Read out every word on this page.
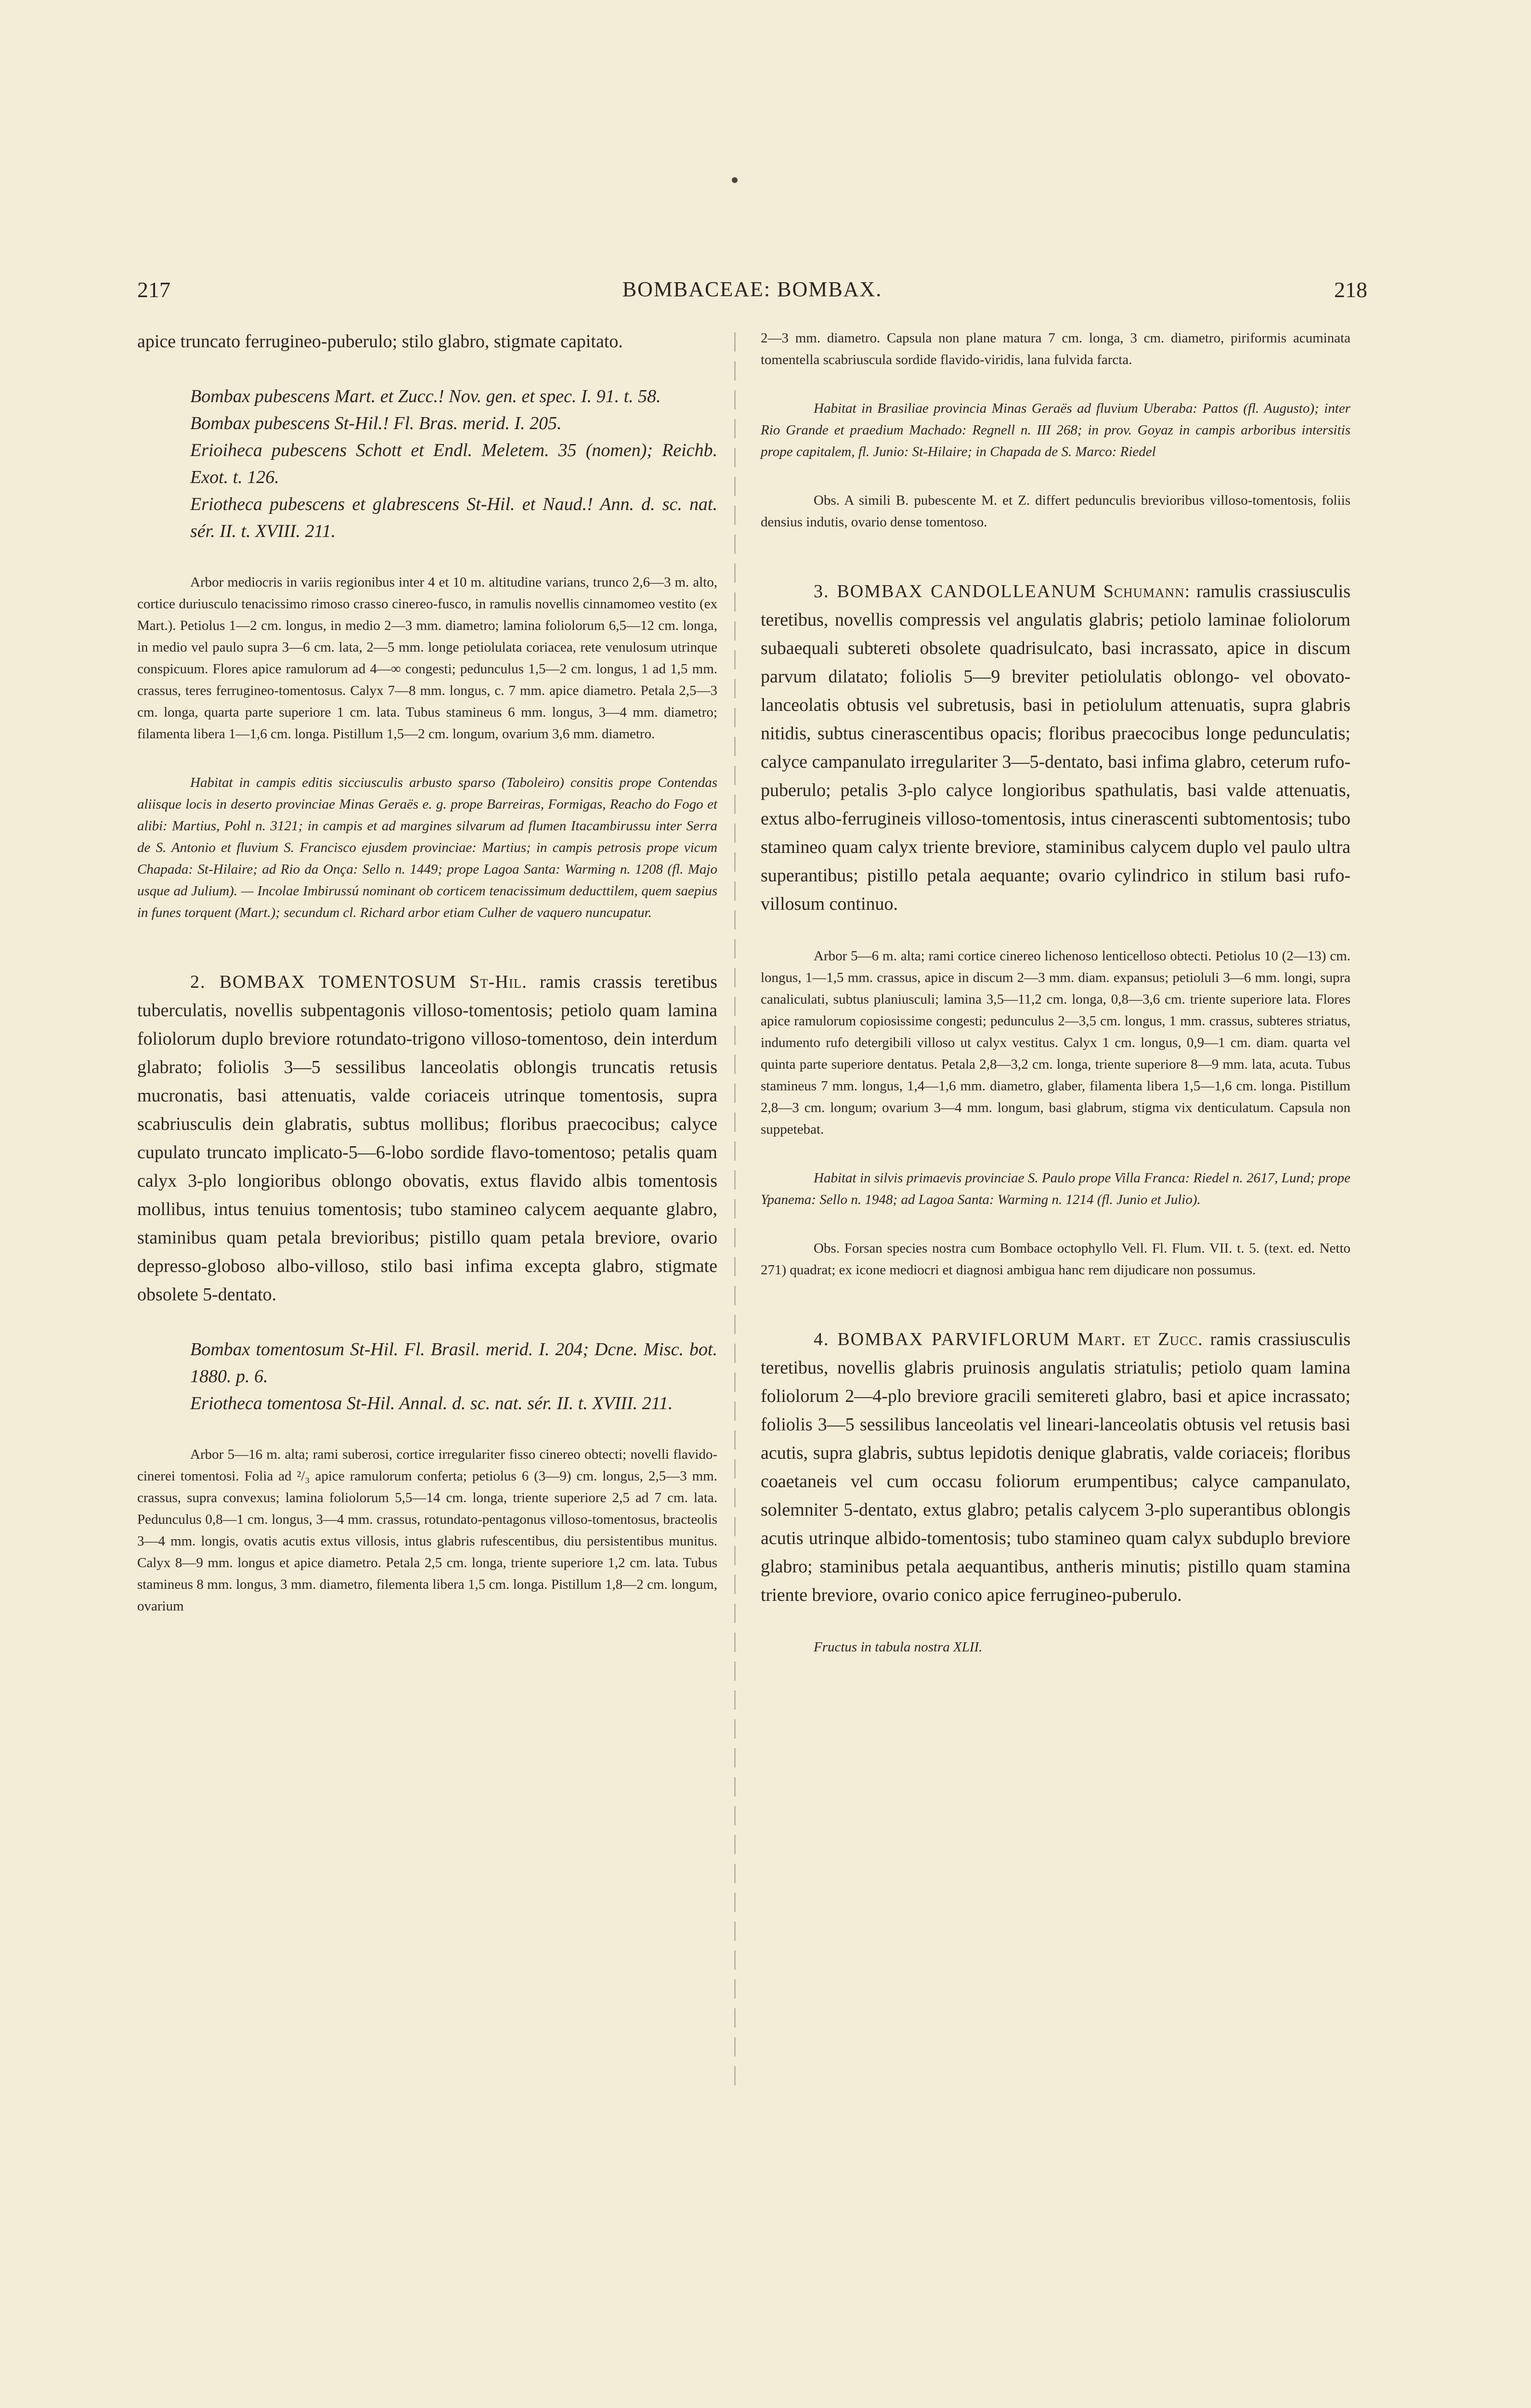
217	BOMBACEAE: BOMBAX.	218

apice truncato ferrugineo-puberulo; stilo glabro, stigmate capitato.

Bombax pubescens Mart. et Zucc.! Nov. gen. et spec. I. 91. t. 58.

Bombax pubescens St-Hil.! Fl. Bras. merid. I. 205.

Erioiheca pubescens Schott et Endl. Meletem. 35 (nomen); Reichb. Exot. t. 126.

Eriotheca pubescens et glabrescens St-Hil. et Naud.! Ann. d. sc. nat. sér. II. t. XVIII. 211.

Arbor mediocris in variis regionibus inter 4 et 10 m. altitudine varians, trunco 2,6—3 m. alto, cortice duriusculo tenacissimo rimoso crasso cinereo-fusco, in ramulis novellis cinnamomeo vestito (ex Mart.). Petiolus 1—2 cm. longus, in medio 2—3 mm. diametro; lamina foliolorum 6,5—12 cm. longa, in medio vel paulo supra 3—6 cm. lata, 2—5 mm. longe petiolulata coriacea, rete venulosum utrinque conspicuum. Flores apice ramulorum ad 4—∞ congesti; pedunculus 1,5—2 cm. longus, 1 ad 1,5 mm. crassus, teres ferrugineo-tomentosus. Calyx 7—8 mm. longus, c. 7 mm. apice diametro. Petala 2,5—3 cm. longa, quarta parte superiore 1 cm. lata. Tubus staminеus 6 mm. longus, 3—4 mm. diametro; filamenta libera 1—1,6 cm. longa. Pistillum 1,5—2 cm. longum, ovarium 3,6 mm. diametro.

Habitat in campis editis sicciusculis arbusto sparso (Taboleiro) consitis prope Contendas aliisque locis in deserto provinciae Minas Geraës e. g. prope Barreiras, Formigas, Reacho do Fogo et alibi: Martius, Pohl n. 3121; in campis et ad margines silvarum ad flumen Itacambirussu inter Serra de S. Antonio et fluvium S. Francisco ejusdem provinciae: Martius; in campis petrosis prope vicum Chapada: St-Hilaire; ad Rio da Onça: Sello n. 1449; prope Lagoa Santa: Warming n. 1208 (fl. Majo usque ad Julium). — Incolae Imbirussú nominant ob corticem tenacissimum deducttilem, quem saepius in funes torquent (Mart.); secundum cl. Richard arbor etiam Culher de vaquero nuncupatur.

2. BOMBAX TOMENTOSUM St-Hil. ramis crassis teretibus tuberculatis, novellis subpentagonis villoso-tomentosis; petiolo quam lamina foliolorum duplo breviore rotundato-trigono villoso-tomentoso, dein interdum glabrato; foliolis 3—5 sessilibus lanceolatis oblongis truncatis retusis mucronatis, basi attenuatis, valde coriaceis utrinque tomentosis, supra scabriusculis dein glabratis, subtus mollibus; floribus praecocibus; calyce cupulato truncato implicato-5—6-lobo sordide flavo-tomentoso; petalis quam calyx 3-plo longioribus oblongo obovatis, extus flavido albis tomentosis mollibus, intus tenuius tomentosis; tubo stamineo calycem aequante glabro, staminibus quam petala brevioribus; pistillo quam petala breviore, ovario depresso-globoso albo-villoso, stilo basi infima excepta glabro, stigmate obsolete 5-dentato.

Bombax tomentosum St-Hil. Fl. Brasil. merid. I. 204; Dcne. Misc. bot. 1880. p. 6.

Eriotheca tomentosa St-Hil. Annal. d. sc. nat. sér. II. t. XVIII. 211.

Arbor 5—16 m. alta; rami suberosi, cortice irregulariter fisso cinereo obtecti; novelli flavido-cinerei tomentosi. Folia ad ²/₃ apice ramulorum conferta; petiolus 6 (3—9) cm. longus, 2,5—3 mm. crassus, supra convexus; lamina foliolorum 5,5—14 cm. longa, triente superiore 2,5 ad 7 cm. lata. Pedunculus 0,8—1 cm. longus, 3—4 mm. crassus, rotundato-pentagonus villoso-tomentosus, bracteolis 3—4 mm. longis, ovatis acutis extus villosis, intus glabris rufescentibus, diu persistentibus munitus. Calyx 8—9 mm. longus et apice diametro. Petala 2,5 cm. longa, triente superiore 1,2 cm. lata. Tubus stamineus 8 mm. longus, 3 mm. diametro, filementa libera 1,5 cm. longa. Pistillum 1,8—2 cm. longum, ovarium

2—3 mm. diametro. Capsula non plane matura 7 cm. longa, 3 cm. diametro, piriformis acuminata tomentella scabriuscula sordide flavido-viridis, lana fulvida farcta.

Habitat in Brasiliae provincia Minas Geraës ad fluvium Uberaba: Pattos (fl. Augusto); inter Rio Grande et praedium Machado: Regnell n. III 268; in prov. Goyaz in campis arboribus intersitis prope capitalem, fl. Junio: St-Hilaire; in Chapada de S. Marco: Riedel

Obs. A simili B. pubescente M. et Z. differt pedunculis brevioribus villoso-tomentosis, foliis densius indutis, ovario dense tomentoso.

3. BOMBAX CANDOLLEANUM Schumann: ramulis crassiusculis teretibus, novellis compressis vel angulatis glabris; petiolo laminae foliolorum subaequali subtereti obsolete quadrisulcato, basi incrassato, apice in discum parvum dilatato; foliolis 5—9 breviter petiolulatis oblongo- vel obovato-lanceolatis obtusis vel subretusis, basi in petiolulum attenuatis, supra glabris nitidis, subtus cinerascentibus opacis; floribus praecocibus longe pedunculatis; calyce campanulato irregulariter 3—5-dentato, basi infima glabro, ceterum rufo-puberulo; petalis 3-plo calyce longioribus spathulatis, basi valde attenuatis, extus albo-ferrugineis villoso-tomentosis, intus cinerascenti subtomentosis; tubo stamineo quam calyx triente breviore, staminibus calycem duplo vel paulo ultra superantibus; pistillo petala aequante; ovario cylindrico in stilum basi rufo-villosum continuo.

Arbor 5—6 m. alta; rami cortice cinereo lichenoso lenticelloso obtecti. Petiolus 10 (2—13) cm. longus, 1—1,5 mm. crassus, apice in discum 2—3 mm. diam. expansus; petioluli 3—6 mm. longi, supra canaliculati, subtus planiusculi; lamina 3,5—11,2 cm. longa, 0,8—3,6 cm. triente superiore lata. Flores apice ramulorum copiosissime congesti; pedunculus 2—3,5 cm. longus, 1 mm. crassus, subteres striatus, indumento rufo detergibili villoso ut calyx vestitus. Calyx 1 cm. longus, 0,9—1 cm. diam. quarta vel quinta parte superiore dentatus. Petala 2,8—3,2 cm. longa, triente superiore 8—9 mm. lata, acuta. Tubus stamineus 7 mm. longus, 1,4—1,6 mm. diametro, glaber, filamenta libera 1,5—1,6 cm. longa. Pistillum 2,8—3 cm. longum; ovarium 3—4 mm. longum, basi glabrum, stigma vix denticulatum. Capsula non suppetebat.

Habitat in silvis primaevis provinciae S. Paulo prope Villa Franca: Riedel n. 2617, Lund; prope Ypanema: Sello n. 1948; ad Lagoa Santa: Warming n. 1214 (fl. Junio et Julio).

Obs. Forsan species nostra cum Bombace octophyllo Vell. Fl. Flum. VII. t. 5. (text. ed. Netto 271) quadrat; ex icone mediocri et diagnosi ambigua hanc rem dijudicare non possumus.

4. BOMBAX PARVIFLORUM Mart. et Zucc. ramis crassiusculis teretibus, novellis glabris pruinosis angulatis striatulis; petiolo quam lamina foliolorum 2—4-plo breviore gracili semitereti glabro, basi et apice incrassato; foliolis 3—5 sessilibus lanceolatis vel lineari-lanceolatis obtusis vel retusis basi acutis, supra glabris, subtus lepidotis denique glabratis, valde coriaceis; floribus coaetaneis vel cum occasu foliorum erumpentibus; calyce campanulato, solemniter 5-dentato, extus glabro; petalis calycem 3-plo superantibus oblongis acutis utrinque albido-tomentosis; tubo stamineo quam calyx subduplo breviore glabro; staminibus petala aequantibus, antheris minutis; pistillo quam stamina triente breviore, ovario conico apice ferrugineo-puberulo.

Fructus in tabula nostra XLII.
